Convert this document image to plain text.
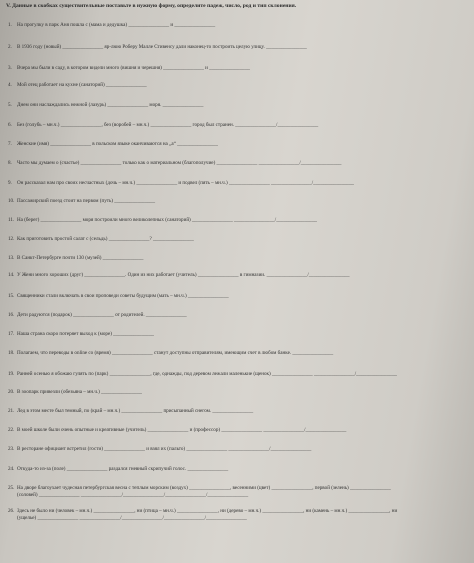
V. Данные в скобках существительные поставьте в нужную форму, определите падеж, число, род и тип склонения.
1. На прогулку в парк Аня пошла с (мама и дедушка) ________________ и ________________
2. В 1936 году (новый) ________________ яр-люю Роберу Малле Стивенсу дали наконец-то построить целую улицу. ________________
3. Вчера мы были в саду, в котором видели много (вишня и черешня) ________________ и ________________
4. Мой отец работает на кухне (санаторий) ________________
5. Днем они наслаждались нежной (лазурь) ________________ моря. ________________
6. Без (голубь – мн.ч.) ________________, без (воробей – мн.ч.) ________________ город был странен. ________________/________________
7. Женские (имя) ________________ в польском языке оканчиваются на „а“ ________________
8. Часто мы думаем о (счастье) ________________ только как о материальном (благополучие) ________________ ________________/________________
9. Он рассказал нам про своих несчастных (дочь – мн.ч.) ________________ и подвел (пять – мн.ч.) ________________ ________________/________________
10. Пассажирский поезд стоит на первом (путь) ________________
11. На (берег) ________________ моря построили много великолепных (санаторий) ________________ ________________/________________
12. Как приготовить простой салат с (сельдь) ________________? ________________
13. В Санкт-Петербурге почти 130 (музей) ________________
14. У Жени много хороших (друг) ________________. Один из них работает (учитель) ________________ в гимназии. ________________/________________
15. Священники стали включать в свои проповеди советы будущим (мать – мн.ч.) ________________
16. Дети радуются (подарок) ________________ от родителей. ________________
17. Наша страна скоро потеряет выход к (море) ________________
18. Полагаем, что переводы в online со (время) ________________ станут доступны отправителям, имеющим счет в любом банке. ________________
19. Ранней осенью я обожаю гулять по (парк) ________________, где, однажды, под деревом лежали маленькие (щенок) ________________ ________________/________________
20. В зоопарк привезли (обезьяна – мн.ч.) ________________
21. Лед в этом месте был темный, по (край – мн.ч.) ________________ присыпанный снегом. ________________
22. В моей школе были очень опытные и креативные (учитель) ________________ и (профессор) ________________ ________________/________________
23. В ресторане официант встретил (гости) ________________ и взял их (пальто) ________________ ________________/________________
24. Откуда-то из-за (поле) ________________ раздался гневный скрипучий голос. ________________
25. На дворе благоухает чудесная петербургская весна с теплым морским (воздух) ________________, весенними (цвет) ________________, первой (зелень) ________________
(соловей) ________________ ________________/________________/________________/________________
26. Здесь не было ни (человек – мн.ч.) ________________, ни (птица – мн.ч.) ________________, ни (дерево – мн.ч.) ________________, ни (камень – мн.ч.) ________________, ни
(ущелье) ________________ ________________/________________/________________/________________
